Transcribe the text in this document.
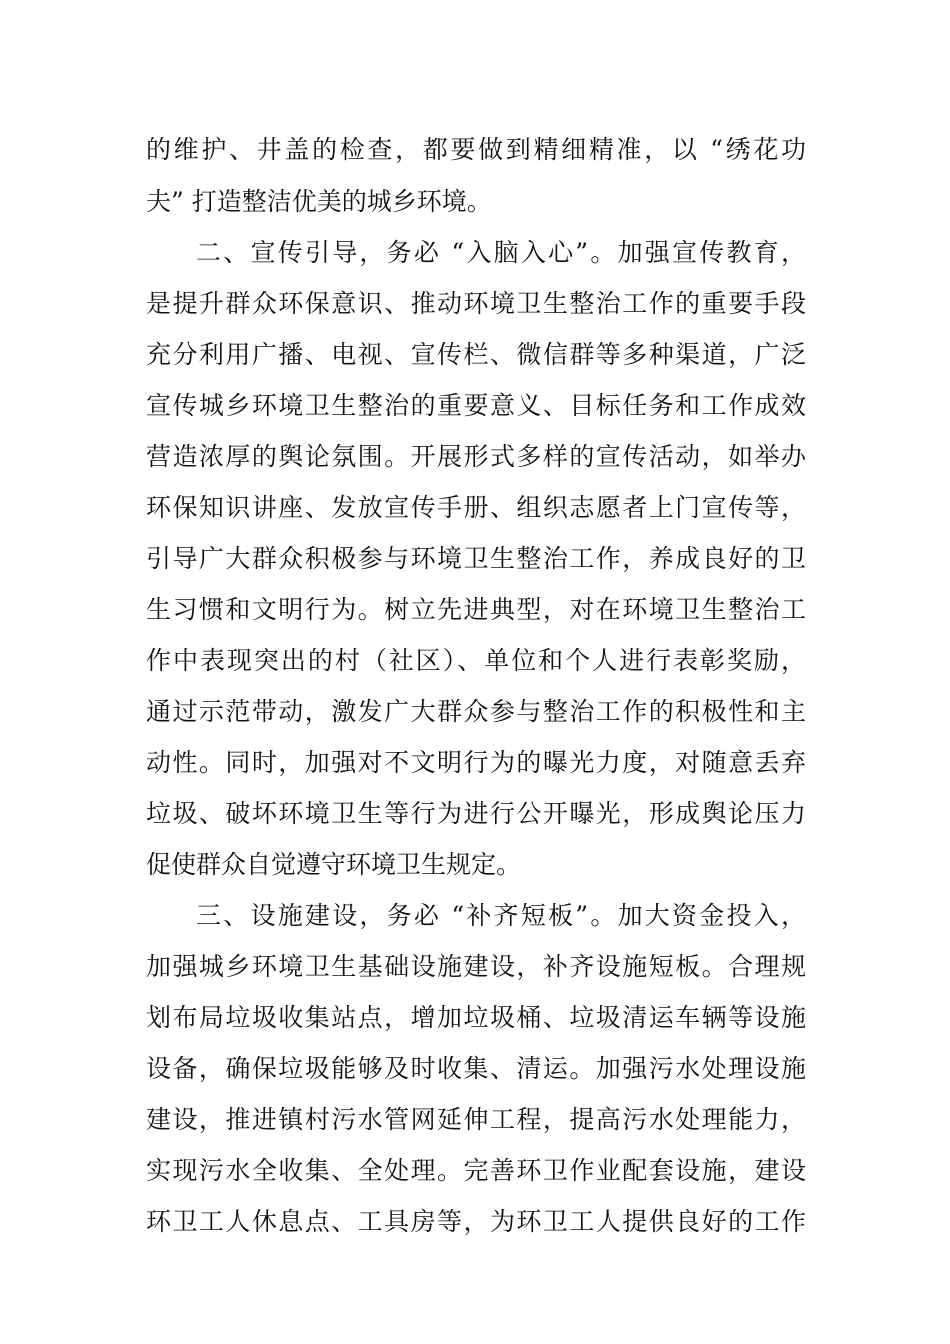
的维护、井盖的检查，都要做到精细精准，以 “绣花功
夫” 打造整洁优美的城乡环境。
二、宣传引导，务必 “入脑入心”。加强宣传教育，
是提升群众环保意识、推动环境卫生整治工作的重要手段
充分利用广播、电视、宣传栏、微信群等多种渠道，广泛
宣传城乡环境卫生整治的重要意义、目标任务和工作成效
营造浓厚的舆论氛围。开展形式多样的宣传活动，如举办
环保知识讲座、发放宣传手册、组织志愿者上门宣传等，
引导广大群众积极参与环境卫生整治工作，养成良好的卫
生习惯和文明行为。树立先进典型，对在环境卫生整治工
作中表现突出的村（社区）、单位和个人进行表彰奖励，
通过示范带动，激发广大群众参与整治工作的积极性和主
动性。同时，加强对不文明行为的曝光力度，对随意丢弃
垃圾、破坏环境卫生等行为进行公开曝光，形成舆论压力
促使群众自觉遵守环境卫生规定。
三、设施建设，务必 “补齐短板”。加大资金投入，
加强城乡环境卫生基础设施建设，补齐设施短板。合理规
划布局垃圾收集站点，增加垃圾桶、垃圾清运车辆等设施
设备，确保垃圾能够及时收集、清运。加强污水处理设施
建设，推进镇村污水管网延伸工程，提高污水处理能力，
实现污水全收集、全处理。完善环卫作业配套设施，建设
环卫工人休息点、工具房等，为环卫工人提供良好的工作
